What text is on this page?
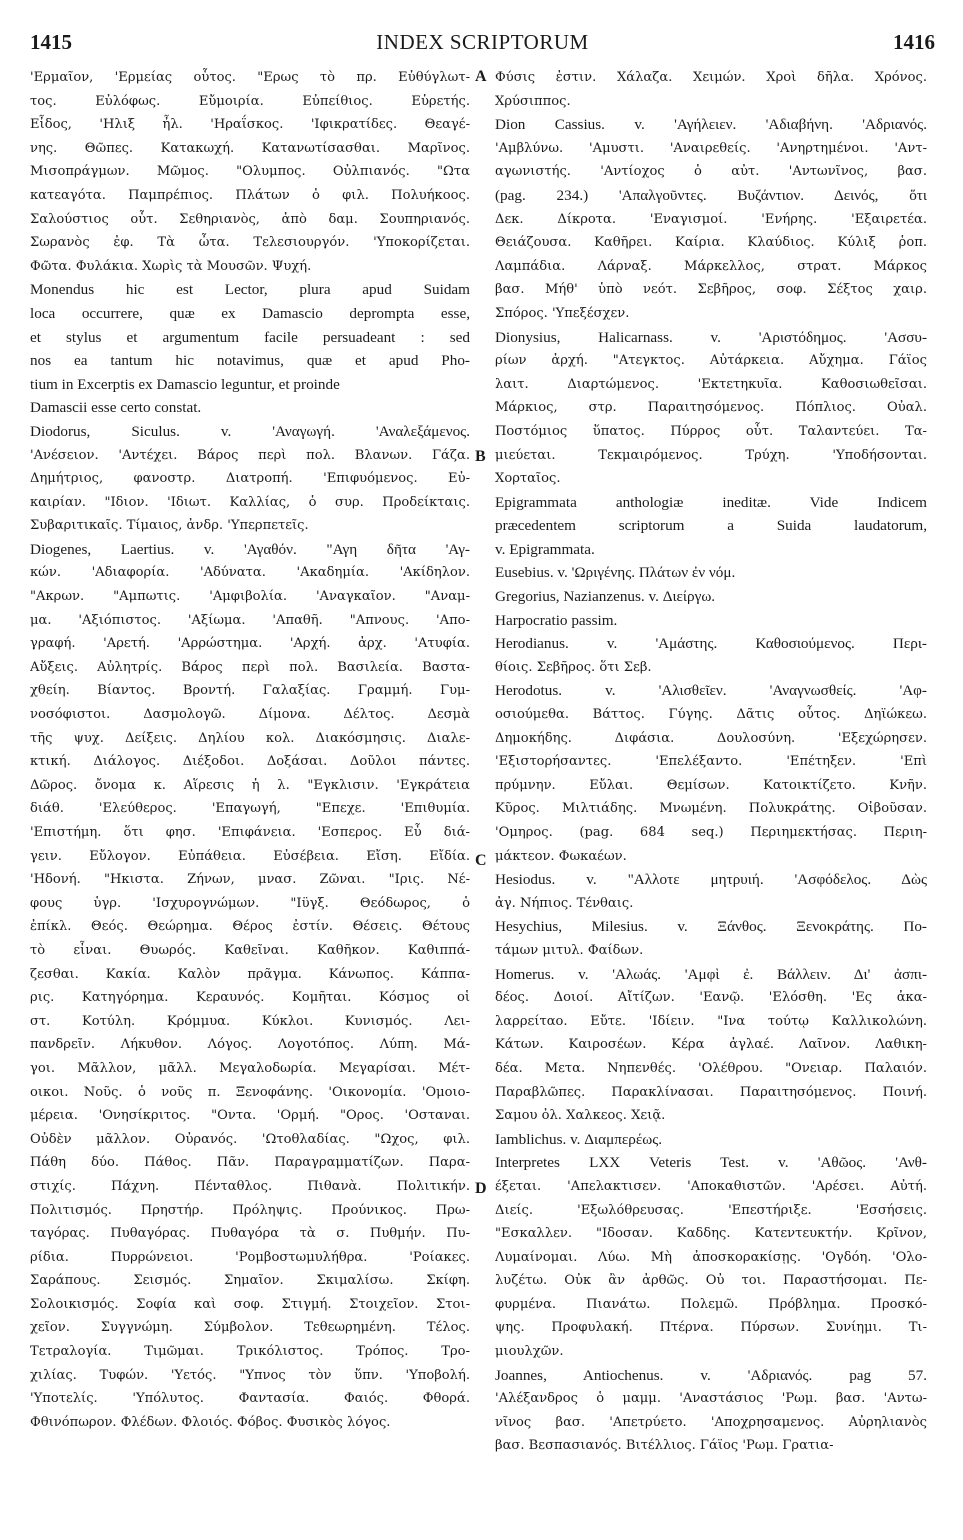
1415	INDEX SCRIPTORUM	1416
'Ερμαῖον, 'Ερμείας οὗτος. "Ερως τὸ πρ. Εὐθύγλωτ-
τος. Εὐλόφως. Εὔμοιρία. Εὐπείθιος. Εὑρετής.
Εἶδος, 'Ηλιξ ἦλ. 'Ηραΐσκος. 'Ιφικρατίδες. Θεαγέ-
νης. Θῶπες. Κατακωχή. Κατανωτίσασθαι. Μαρῖνος.
Μισοπράγμων. Μῶμος. "Ολυμπος. Οὐλπιανός. "Ωτα
κατεαγότα. Παμπρέπιος. Πλάτων ὁ φιλ. Πολυήκοος.
Σαλούστιος οὗτ. Σεθηριανὸς, ἀπὸ δαμ. Σουπηριανός.
Σωρανὸς ἐφ. Τὰ ὦτα. Τελεσιουργόν. 'Υποκορίζεται.
Φῶτα. Φυλάκια. Χωρὶς τὰ Μουσῶν. Ψυχή.
Monendus hic est Lector, plura apud Suidam
loca occurrere, quæ ex Damascio deprompta esse,
et stylus et argumentum facile persuadeant : sed
nos ea tantum hic notavimus, quæ et apud Pho-
tium in Excerptis ex Damascio leguntur, et proinde
Damascii esse certo constat.
Diodorus, Siculus. v. 'Αναγωγή. 'Αναλεξάμενος.
'Ανέσειον. 'Αντέχει. Βάρος περὶ πολ. Βλανων. Γάζα.
Δημήτριος, φανοστρ. Διατροπή. 'Επιφυόμενος. Εὐ-
καιρίαν. "Ιδιον. 'Ιδιωτ. Καλλίας, ὁ συρ. Προδείκταις.
Συβαριτικαῖς. Τίμαιος, ἀνδρ. 'Υπερπετεῖς.
Diogenes, Laertius. v. 'Αγαθόν. "Αγη δῆτα 'Αγ-
κών. 'Αδιαφορία. 'Αδύνατα. 'Ακαδημία. 'Ακίδηλον.
"Ακρων. "Αμπωτις. 'Αμφιβολία. 'Αναγκαῖον. "Αναμ-
μα. 'Αξιόπιστος. 'Αξίωμα. 'Απαθῆ. "Απνους. 'Απο-
γραφή. 'Αρετή. 'Αρρώστημα. 'Αρχή. ἀρχ. 'Ατυφία.
Αὔξεις. Αὐλητρίς. Βάρος περὶ πολ. Βασιλεία. Βαστα-
χθείη. Βίαντος. Βροντή. Γαλαξίας. Γραμμή. Γυμ-
νοσόφιστοι. Δασμολογῶ. Δίμονα. Δέλτος. Δεσμὰ
τῆς ψυχ. Δείξεις. Δηλίου κολ. Διακόσμησις. Διαλε-
κτική. Διάλογος. Διέξοδοι. Δοξάσαι. Δοῦλοι πάντες.
Δῶρος. ὄνομα κ. Αἵρεσις ἡ λ. "Εγκλισιν. 'Εγκράτεια
διάθ. 'Ελεύθερος. 'Επαγωγή, "Επεχε. 'Επιθυμία.
'Επιστήμη. ὅτι φησ. 'Επιφάνεια. 'Εσπερος. Εὖ διά-
γειν. Εὔλογον. Εὐπάθεια. Εὐσέβεια. Εἴση. Εἴδία.
'Ηδονή. "Ηκιστα. Ζήνων, μνασ. Ζῶναι. "Ιρις. Νέ-
φους ὑγρ. 'Ισχυρογνώμων. "Ιϋγξ. Θεόδωρος, ὁ
ἐπίκλ. Θεός. Θεώρημα. Θέρος ἐστίν. Θέσεις. Θέτους
τὸ εἶναι. Θυωρός. Καθεῖναι. Καθῆκον. Καθιππά-
ζεσθαι. Κακία. Καλὸν πρᾶγμα. Κάνωπος. Κάππα-
ρις. Κατηγόρημα. Κεραυνός. Κομῆται. Κόσμος οἱ
στ. Κοτύλη. Κρόμμυα. Κύκλοι. Κυνισμός. Λει-
πανδρεῖν. Λήκυθον. Λόγος. Λογοτόπος. Λύπη. Μά-
γοι. Μᾶλλον, μᾶλλ. Μεγαλοδωρία. Μεγαρίσαι. Μέτ-
οικοι. Νοῦς. ὁ νοῦς π. Ξενοφάνης. 'Οικονομία. 'Ομοιο-
μέρεια. 'Ονησίκριτος. "Οντα. 'Ορμή. "Ορος. 'Οσταναι.
Οὐδὲν μᾶλλον. Οὐρανός. 'Ωτοθλαδίας. "Ωχος, φιλ.
Πάθη δύο. Πάθος. Πᾶν. Παραγραμματίζων. Παρα-
στιχίς. Πάχνη. Πένταθλος. Πιθανὰ. Πολιτικήν.
Πολιτισμός. Πρηστήρ. Πρόληψις. Προύνικος. Πρω-
ταγόρας. Πυθαγόρας. Πυθαγόρα τὰ σ. Πυθμήν. Πυ-
ρίδια. Πυρρώνειοι. 'Ρομβοστωμυλήθρα. 'Ροίακες.
Σαράπους. Σεισμός. Σημαῖον. Σκιμαλίσω. Σκίφη.
Σολοικισμός. Σοφία καὶ σοφ. Στιγμή. Στοιχεῖον. Στοι-
χεῖον. Συγγνώμη. Σύμβολον. Τεθεωρημένη. Τέλος.
Τετραλογία. Τιμῶμαι. Τρικόλιστος. Τρόπος. Τρο-
χιλίας. Τυφών. 'Υετός. "Υπνος τὸν ὕπν. 'Υποβολή.
'Υποτελίς. 'Υπόλυτος. Φαντασία. Φαιός. Φθορά.
Φθινόπωρον. Φλέδων. Φλοιός. Φόβος. Φυσικὸς λόγος.
Φύσις ἐστιν. Χάλαζα. Χειμών. Χροὶ δῆλα. Χρόνος.
Χρύσιππος.
Dion Cassius. v. 'Αγήλειεν. 'Αδιαβήνη. 'Αδριανός.
'Αμβλύνω. 'Αμυστι. 'Αναιρεθείς. 'Ανηρτημένοι. 'Αντ-
αγωνιστής. 'Αντίοχος ὁ αὐτ. 'Αντωνῖνος, βασ.
(pag. 234.) 'Απαλγοῦντες. Βυζάντιον. Δεινός, ὅτι
Δεκ. Δίκροτα. 'Εναγισμοί. 'Ενήρης. 'Εξαιρετέα.
Θειάζουσα. Καθῆρει. Καίρια. Κλαύδιος. Κύλιξ ῥοπ.
Λαμπάδια. Λάρναξ. Μάρκελλος, στρατ. Μάρκος
βασ. Μήθ' ὑπὸ νεότ. Σεβῆρος, σοφ. Σέξτος χαιρ.
Σπόρος. 'Υπεξέσχεν.
Dionysius, Halicarnass. v. 'Αριστόδημος. 'Ασσυ-
ρίων ἀρχή. "Ατεγκτος. Αὐτάρκεια. Αὔχημα. Γάϊος
λαιτ. Διαρτώμενος. 'Εκτετηκυῖα. Καθοσιωθεῖσαι.
Μάρκιος, στρ. Παραιτησόμενος. Πόπλιος. Οὐαλ.
Ποστόμιος ὕπατος. Πύρρος οὗτ. Ταλαντεύει. Τα-
μιεύεται. Τεκμαιρόμενος. Τρύχη. 'Υποδήσονται.
Χορταῖος.
Epigrammata anthologiæ ineditæ. Vide Indicem
præcedentem scriptorum a Suida laudatorum,
v. Epigrammata.
Eusebius. v. 'Ωριγένης. Πλάτων ἐν νόμ.
Gregorius, Nazianzenus. v. Διείργω.
Harpocratio passim.
Herodianus. v. 'Αμάστης. Καθοσιούμενος. Περι-
θίοις. Σεβῆρος. ὅτι Σεβ.
Herodotus. v. 'Αλισθεῖεν. 'Αναγνωσθείς. 'Αφ-
οσιούμεθα. Βάττος. Γύγης. Δᾶτις οὗτος. Δηϊώκεω.
Δημοκήδης. Διφάσια. Δουλοσύνη. 'Εξεχώρησεν.
'Εξιστορήσαντες. 'Επελέξαντο. 'Επέτηξεν. 'Επὶ
πρύμνην. Εὔλαι. Θεμίσων. Κατοικτίζετο. Κνῆν.
Κῦρος. Μιλτιάδης. Μνωμένη. Πολυκράτης. Οἰβοῦσαν.
'Ομηρος. (pag. 684 seq.) Περιημεκτήσας. Περιη-
μάκτεον. Φωκαέων.
Hesiodus. v. "Αλλοτε μητρυιή. 'Ασφόδελος. Δὼς
ἀγ. Νήπιος. Τένθαις.
Hesychius, Milesius. v. Ξάνθος. Ξενοκράτης. Πο-
τάμων μιτυλ. Φαίδων.
Homerus. v. 'Αλωάς. 'Αμφὶ ἐ. Βάλλειν. Δι' ἀσπι-
δέος. Δοιοί. Αἴτίζων. 'Εανῷ. 'Ελόσθη. 'Ες ἀκα-
λαρρείταο. Εὔτε. 'Ιδίειν. "Ινα τούτῳ Καλλικολώνη.
Κάτων. Καιροσέων. Κέρα ἀγλαέ. Λαῖνον. Λαθικη-
δέα. Μετα. Νηπενθές. 'Ολέθρου. "Ονειαρ. Παλαιόν.
Παραβλῶπες. Παρακλίνασαι. Παραιτησόμενος. Ποινή.
Σαμου ὀλ. Χαλκεος. Χειᾷ.
Iamblichus. v. Διαμπερέως.
Interpretes LXX Veteris Test. v. 'Αθῶος. 'Ανθ-
έξεται. 'Απελακτισεν. 'Αποκαθιστῶν. 'Αρέσει. Αὐτή.
Διείς. 'Εξωλόθρευσας. 'Επεστήριξε. 'Εσσήσεις.
"Εσκαλλεν. "Ιδοσαν. Καδδης. Κατεντευκτήν. Κρῖνον,
Λυμαίνομαι. Λύω. Μὴ ἀποσκορακίσῃς. 'Ογδόη. 'Ολο-
λυζέτω. Οὐκ ἂν ἀρθῶς. Οὐ τοι. Παραστήσομαι. Πε-
φυρμένα. Πιανάτω. Πολεμῶ. Πρόβλημα. Προσκό-
ψης. Προφυλακή. Πτέρνα. Πύρσων. Συνίημι. Τι-
μιουλχῶν.
Joannes, Antiochenus. v. 'Αδριανός. pag 57.
'Αλέξανδρος ὁ μαμμ. 'Αναστάσιος 'Ρωμ. βασ. 'Αντω-
νῖνος βασ. 'Απετρύετο. 'Αποχρησαμενος. Αὐρηλιανὸς
βασ. Βεσπασιανός. Βιτέλλιος. Γάϊος 'Ρωμ. Γρατια-
A
B
C
D
